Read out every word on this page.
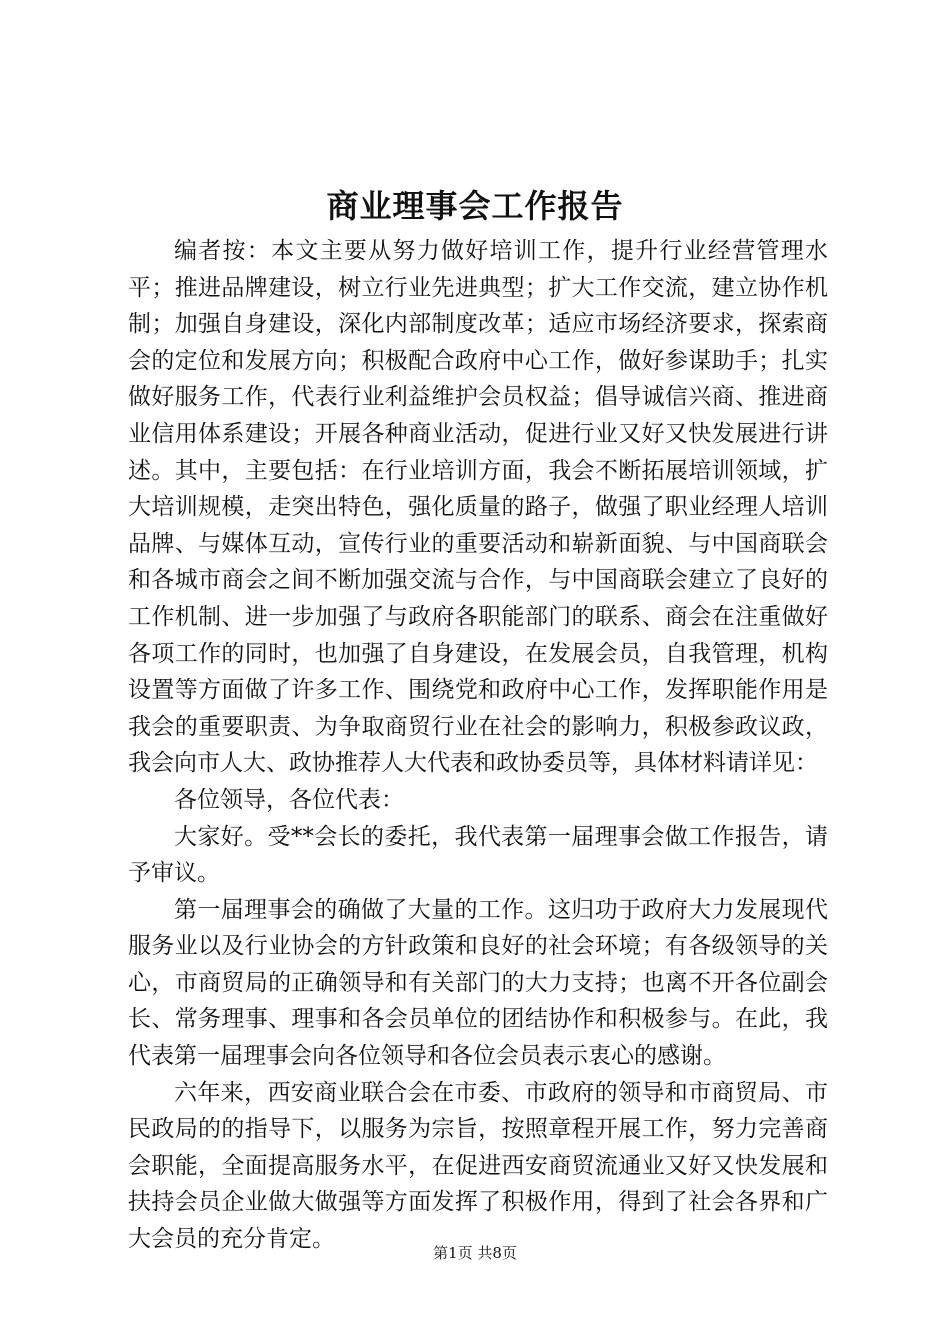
商业理事会工作报告

编者按：本文主要从努力做好培训工作，提升行业经营管理水平；推进品牌建设，树立行业先进典型；扩大工作交流，建立协作机制；加强自身建设，深化内部制度改革；适应市场经济要求，探索商会的定位和发展方向；积极配合政府中心工作，做好参谋助手；扎实做好服务工作，代表行业利益维护会员权益；倡导诚信兴商、推进商业信用体系建设；开展各种商业活动，促进行业又好又快发展进行讲述。其中，主要包括：在行业培训方面，我会不断拓展培训领域，扩大培训规模，走突出特色，强化质量的路子，做强了职业经理人培训品牌、与媒体互动，宣传行业的重要活动和崭新面貌、与中国商联会和各城市商会之间不断加强交流与合作，与中国商联会建立了良好的工作机制、进一步加强了与政府各职能部门的联系、商会在注重做好各项工作的同时，也加强了自身建设，在发展会员，自我管理，机构设置等方面做了许多工作、围绕党和政府中心工作，发挥职能作用是我会的重要职责、为争取商贸行业在社会的影响力，积极参政议政，我会向市人大、政协推荐人大代表和政协委员等，具体材料请详见：

各位领导，各位代表：

大家好。受**会长的委托，我代表第一届理事会做工作报告，请予审议。

第一届理事会的确做了大量的工作。这归功于政府大力发展现代服务业以及行业协会的方针政策和良好的社会环境；有各级领导的关心，市商贸局的正确领导和有关部门的大力支持；也离不开各位副会长、常务理事、理事和各会员单位的团结协作和积极参与。在此，我代表第一届理事会向各位领导和各位会员表示衷心的感谢。

六年来，西安商业联合会在市委、市政府的领导和市商贸局、市民政局的的指导下，以服务为宗旨，按照章程开展工作，努力完善商会职能，全面提高服务水平，在促进西安商贸流通业又好又快发展和扶持会员企业做大做强等方面发挥了积极作用，得到了社会各界和广大会员的充分肯定。

第1页 共8页
